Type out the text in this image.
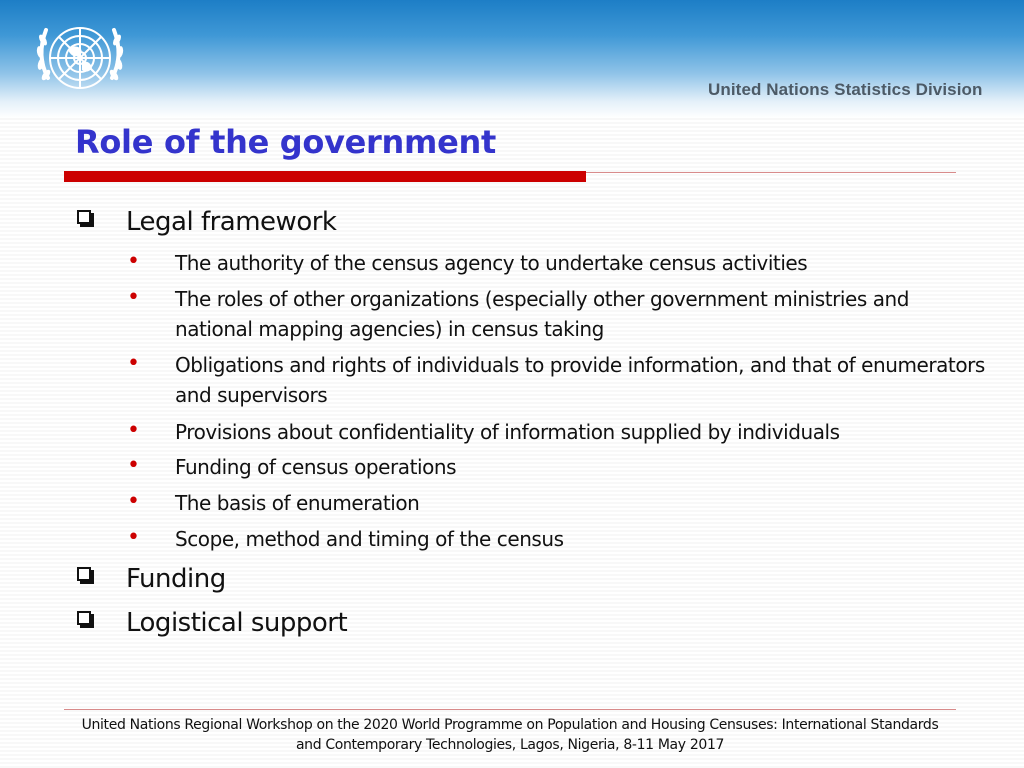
United Nations Statistics Division
Role of the government
Legal framework
• The authority of the census agency to undertake census activities
• The roles of other organizations (especially other government ministries and national mapping agencies) in census taking
• Obligations and rights of individuals to provide information, and that of enumerators and supervisors
• Provisions about confidentiality of information supplied by individuals
• Funding of census operations
• The basis of enumeration
• Scope, method and timing of the census
Funding
Logistical support
United Nations Regional Workshop on the 2020 World Programme on Population and Housing Censuses: International Standards
and Contemporary Technologies, Lagos, Nigeria, 8-11 May 2017
